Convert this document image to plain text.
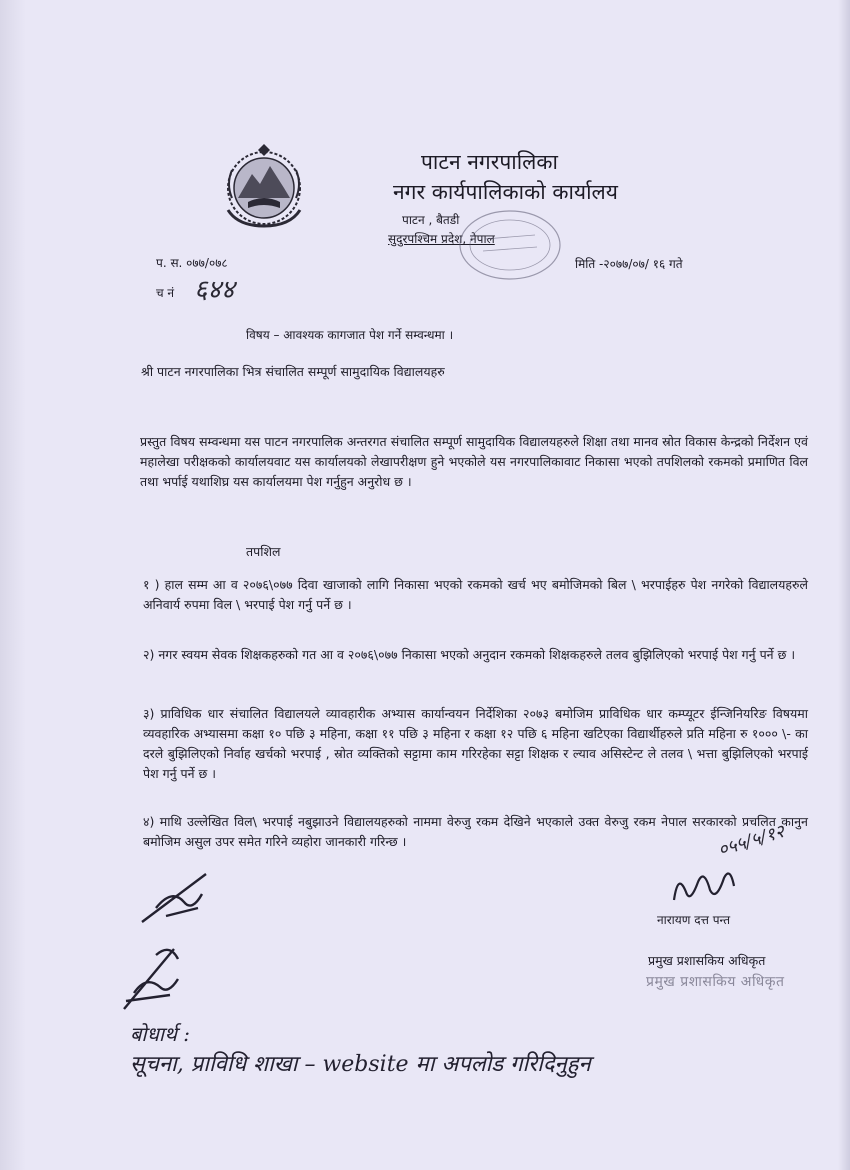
पाटन नगरपालिका
नगर कार्यपालिकाको कार्यालय
पाटन , बैतडी
सुदुरपश्चिम प्रदेश, नेपाल
प. स. ०७७/०७८	मिति -२०७७/०७/ १६ गते
च नं ६४४
विषय – आवश्यक कागजात पेश गर्ने सम्वन्धमा ।
श्री पाटन नगरपालिका भित्र संचालित सम्पूर्ण सामुदायिक विद्यालयहरु
प्रस्तुत विषय सम्वन्धमा यस पाटन नगरपालिक अन्तरगत संचालित सम्पूर्ण सामुदायिक विद्यालयहरुले शिक्षा तथा मानव स्रोत विकास केन्द्रको निर्देशन एवं महालेखा परीक्षकको कार्यालयवाट यस कार्यालयको लेखापरीक्षण हुने भएकोले यस नगरपालिकावाट निकासा भएको तपशिलको रकमको प्रमाणित विल तथा भर्पाई यथाशिघ्र यस कार्यालयमा पेश गर्नुहुन अनुरोध छ ।
तपशिल
१ ) हाल सम्म आ व २०७६\०७७ दिवा खाजाको लागि निकासा भएको रकमको खर्च भए बमोजिमको बिल \ भरपाईहरु पेश नगरेको विद्यालयहरुले अनिवार्य रुपमा विल \ भरपाई पेश गर्नु पर्ने छ ।
२) नगर स्वयम सेवक शिक्षकहरुको गत आ व २०७६\०७७ निकासा भएको अनुदान रकमको शिक्षकहरुले तलव बुझिलिएको भरपाई पेश गर्नु पर्ने छ ।
३) प्राविधिक धार संचालित विद्यालयले व्यावहारीक अभ्यास कार्यान्वयन निर्देशिका २०७३ बमोजिम प्राविधिक धार कम्प्यूटर ईन्जिनियरिङ विषयमा व्यवहारिक अभ्यासमा कक्षा १० पछि ३ महिना, कक्षा ११ पछि ३ महिना र कक्षा १२ पछि ६ महिना खटिएका विद्यार्थीहरुले प्रति महिना रु १००० \- का दरले बुझिलिएको निर्वाह खर्चको भरपाई , स्रोत व्यक्तिको सट्टामा काम गरिरहेका सट्टा शिक्षक र ल्याव असिस्टेन्ट ले तलव \ भत्ता बुझिलिएको भरपाई पेश गर्नु पर्ने छ ।
४) माथि उल्लेखित विल\ भरपाई नबुझाउने विद्यालयहरुको नाममा वेरुजु रकम देखिने भएकाले उक्त वेरुजु रकम नेपाल सरकारको प्रचलित कानुन बमोजिम असुल उपर समेत गरिने व्यहोरा जानकारी गरिन्छ ।	०५५/५/१२
नारायण दत्त पन्त
प्रमुख प्रशासकिय अधिकृत
प्रमुख प्रशासकिय अधिकृत
बोधार्थ :
सूचना, प्राविधि शाखा – website मा अपलोड गरिदिनुहुन
